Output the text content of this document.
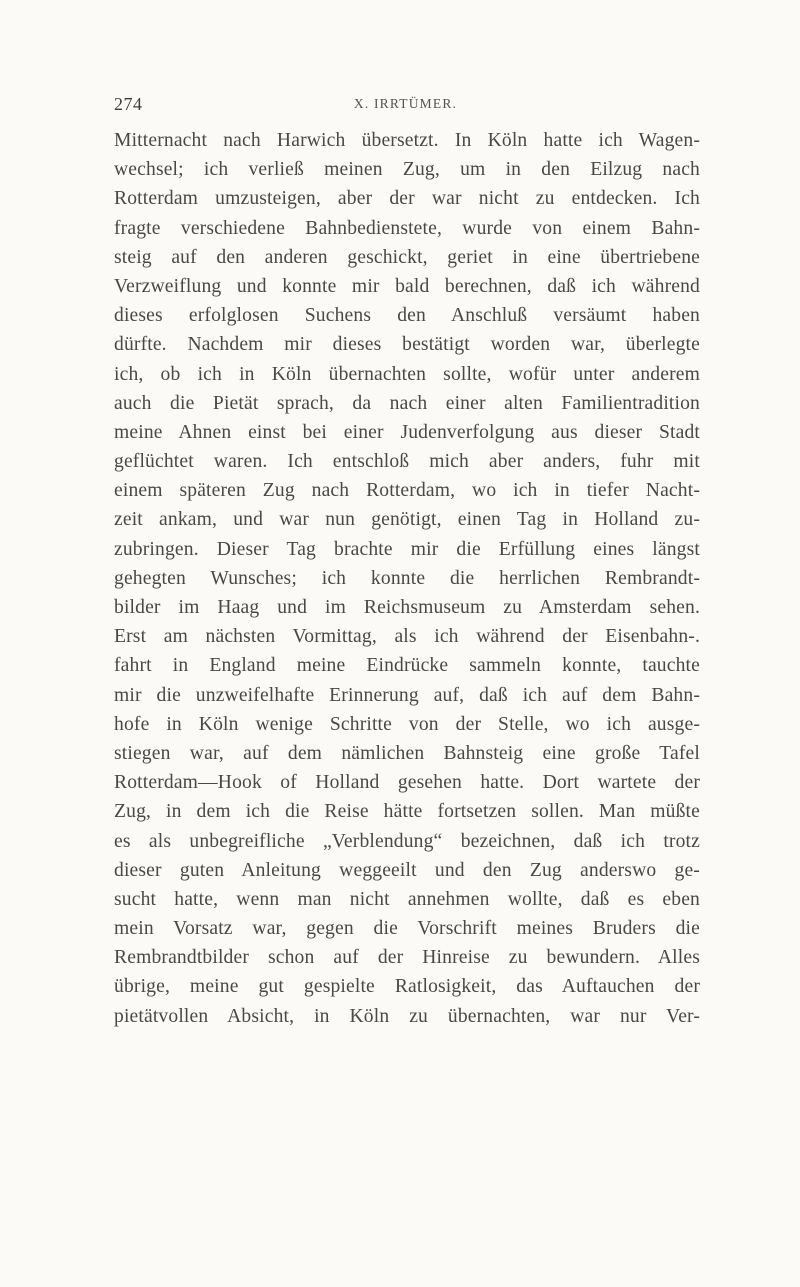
274	X. IRRTÜMER.
Mitternacht nach Harwich übersetzt. In Köln hatte ich Wagen-
wechsel; ich verließ meinen Zug, um in den Eilzug nach
Rotterdam umzusteigen, aber der war nicht zu entdecken. Ich
fragte verschiedene Bahnbedienstete, wurde von einem Bahn-
steig auf den anderen geschickt, geriet in eine übertriebene
Verzweiflung und konnte mir bald berechnen, daß ich während
dieses erfolglosen Suchens den Anschluß versäumt haben
dürfte. Nachdem mir dieses bestätigt worden war, überlegte
ich, ob ich in Köln übernachten sollte, wofür unter anderem
auch die Pietät sprach, da nach einer alten Familientradition
meine Ahnen einst bei einer Judenverfolgung aus dieser Stadt
geflüchtet waren. Ich entschloß mich aber anders, fuhr mit
einem späteren Zug nach Rotterdam, wo ich in tiefer Nacht-
zeit ankam, und war nun genötigt, einen Tag in Holland zu-
zubringen. Dieser Tag brachte mir die Erfüllung eines längst
gehegten Wunsches; ich konnte die herrlichen Rembrandt-
bilder im Haag und im Reichsmuseum zu Amsterdam sehen.
Erst am nächsten Vormittag, als ich während der Eisenbahn-.
fahrt in England meine Eindrücke sammeln konnte, tauchte
mir die unzweifelhafte Erinnerung auf, daß ich auf dem Bahn-
hofe in Köln wenige Schritte von der Stelle, wo ich ausge-
stiegen war, auf dem nämlichen Bahnsteig eine große Tafel
Rotterdam—Hook of Holland gesehen hatte. Dort wartete der
Zug, in dem ich die Reise hätte fortsetzen sollen. Man müßte
es als unbegreifliche „Verblendung“ bezeichnen, daß ich trotz
dieser guten Anleitung weggeeilt und den Zug anderswo ge-
sucht hatte, wenn man nicht annehmen wollte, daß es eben
mein Vorsatz war, gegen die Vorschrift meines Bruders die
Rembrandtbilder schon auf der Hinreise zu bewundern. Alles
übrige, meine gut gespielte Ratlosigkeit, das Auftauchen der
pietätvollen Absicht, in Köln zu übernachten, war nur Ver-
